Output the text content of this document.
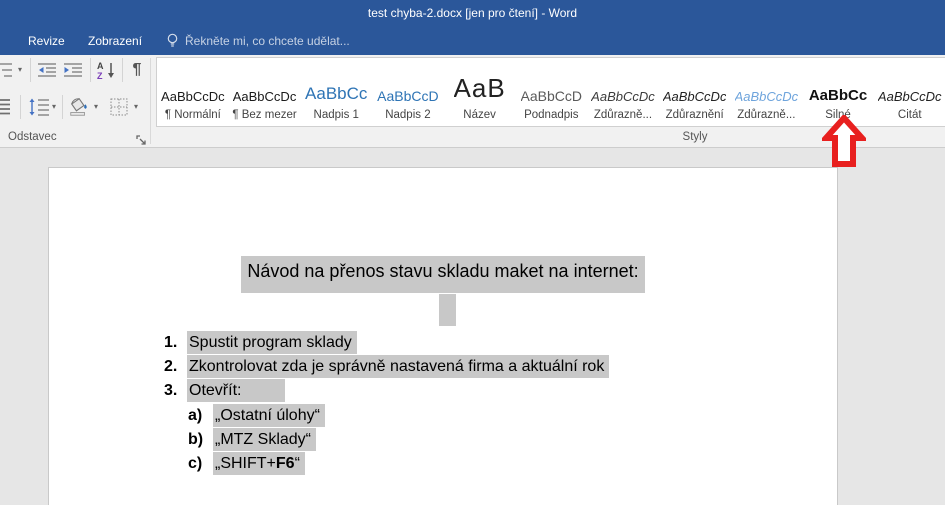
test chyba-2.docx [jen pro čtení] - Word
Revize Zobrazení	Řekněte mi, co chcete udělat...
▾	A
Z ¶
▾	▾	▾
Odstavec	Styly
AaBbCcDc
¶ Normální
AaBbCcDc
¶ Bez mezer
AaBbCc
Nadpis 1
AaBbCcD
Nadpis 2
AaB
Název
AaBbCcD
Podnadpis
AaBbCcDc
Zdůrazně...
AaBbCcDc
Zdůraznění
AaBbCcDc
Zdůrazně...
AaBbCc
Silné
AaBbCcDc
Citát
Návod na přenos stavu skladu maket na internet:
1. Spustit program sklady
2. Zkontrolovat zda je správně nastavená firma a aktuální rok
3. Otevřít:
a) „Ostatní úlohy“
b) „MTZ Sklady“
c) „SHIFT+F6“
